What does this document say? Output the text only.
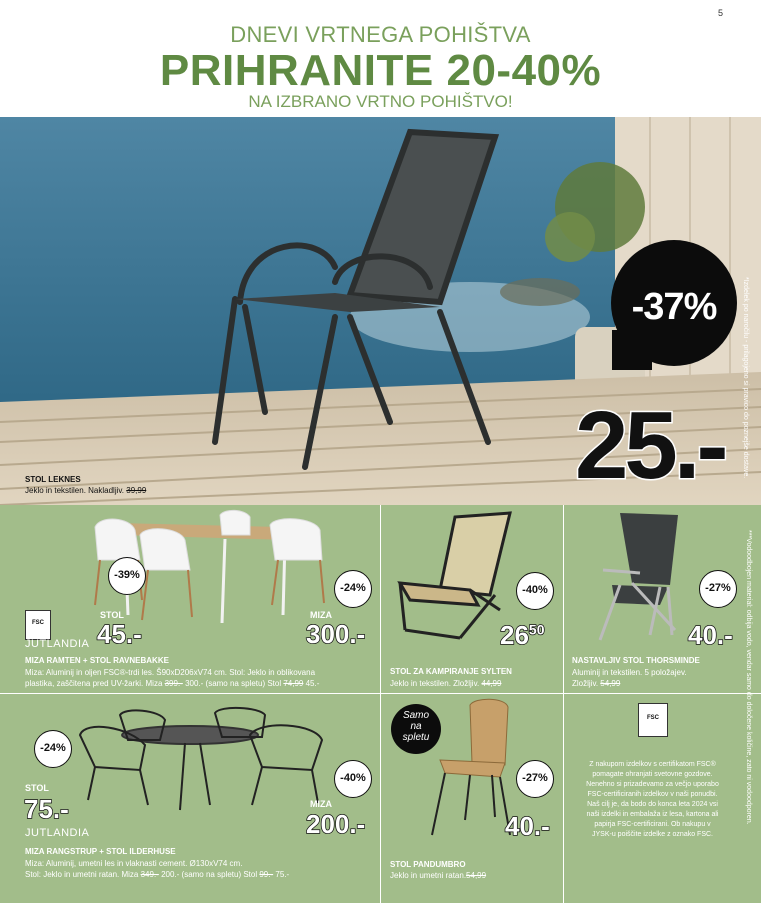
5
DNEVI VRTNEGA POHIŠTVA
PRIHRANITE 20-40%
NA IZBRANO VRTNO POHIŠTVO!
*Izdelek po naročilu - prilagojeno si pravico do poznejše dostave.
-37%
25.-
STOL LEKNES
Jeklo in tekstilen. Nakladljiv. 39,99
-39%
-24%
FSC
JUTLANDIA
STOL
45.-
MIZA
300.-
MIZA RAMTEN + STOL RAVNEBAKKE
Miza: Aluminij in oljen FSC®-trdi les. Š90xD206xV74 cm. Stol: Jeklo in oblikovana
plastika, zaščitena pred UV-žarki. Miza 399.- 300.- (samo na spletu) Stol 74,99 45.-
-40%
$26^{50}$
STOL ZA KAMPIRANJE SYLTEN
Jeklo in tekstilen. Zložljiv. 44,99
-27%
40.-
NASTAVLJIV STOL THORSMINDE
Aluminij in tekstilen. 5 položajev.
Zložljiv. 54,99	***Vodoodbojen material: odbija vodo, vendar samo do določene količine, zato ni vodoodporen.
-24%
-40%
STOL
75.-
JUTLANDIA
MIZA
200.-
MIZA RANGSTRUP + STOL ILDERHUSE
Miza: Aluminij, umetni les in vlaknasti cement. Ø130xV74 cm.
Stol: Jeklo in umetni ratan. Miza 349.- 200.- (samo na spletu) Stol 99.- 75.-
Samo
na
spletu
-27%
40.-
STOL PANDUMBRO
Jeklo in umetni ratan.54,99
FSC
Z nakupom izdelkov s certifikatom FSC® pomagate ohranjati svetovne gozdove. Nenehno si prizadevamo za večjo uporabo FSC-certificiranih izdelkov v naši ponudbi. Naš cilj je, da bodo do konca leta 2024 vsi naši izdelki in embalaža iz lesa, kartona ali papirja FSC-certificirani. Ob nakupu v JYSK-u poiščite izdelke z oznako FSC.
